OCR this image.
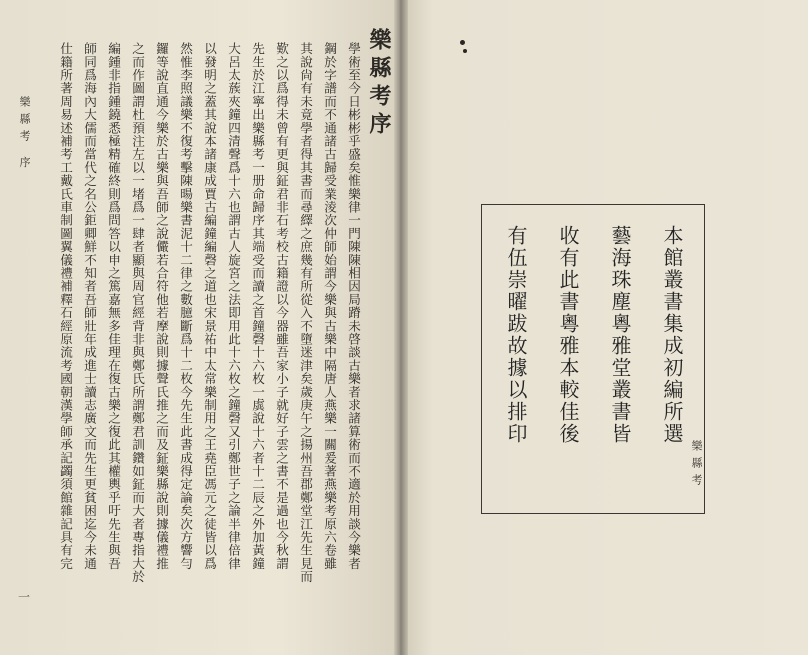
樂縣考序
學術至今日彬彬乎盛矣惟樂律一門陳陳相因局蹐未啓談古樂者求諸算術而不適於用談今樂者
鋼於字譜而不通諸古歸受業淩次仲師始謂今樂與古樂中隔唐人燕樂一關爰著燕樂考原六卷雖
其說尙有未竟學者得其書而尋繹之庶幾有所從入不墮迷津矣歲庚午之揚州吾郡鄭堂江先生見而
歎之以爲得未曾有更與鉦君非石考校古籍證以今器雖吾家小子就好子雲之書不是過也今秋謂
先生於江寧出樂縣考一册命歸序其端受而讀之首鐘磬十六枚一虡說十六者十二辰之外加黃鐘
大呂太蔟夾鐘四清聲爲十六也謂古人旋宮之法即用此十六枚之鐘磬又引鄭世子之論半律倍律
以發明之蓋其說本諸康成賈古編鐘編磬之道也宋景祐中太常樂制用之王堯臣馮元之徒皆以爲
然惟李照議樂不復考擊陳暘樂書泥十二律之數臆斷爲十二枚今先生此書成得定論矣次方響勻
鑼等說直通今樂於古樂與吾師之說儼若合符他若摩說則據聲氏推之而及鉦樂縣說則據儀禮推
之而作圖謂杜預注左以一堵爲一肆者顯與周官經背非與鄭氏所謂鄭君訓鑽如鉦而大者專指大於
編鍾非指鍾鐃悉極精確終則爲問答以申之篤嘉無多佳理在復古樂之復此其權輿乎吁先生與吾
師同爲海內大儒而當代之名公鉅卿鮮不知者吾師壯年成進士讀志廣文而先生更貧困迄今未通
仕籍所著周易述補考工戴氏車制圖翼儀禮補釋石經原流考國朝漢學師承記蠲須館雜記具有完
樂縣考 序
一
本館叢書集成初編所選
藝海珠塵粵雅堂叢書皆
收有此書粵雅本較佳後
有伍崇曜跋故據以排印
樂縣考
